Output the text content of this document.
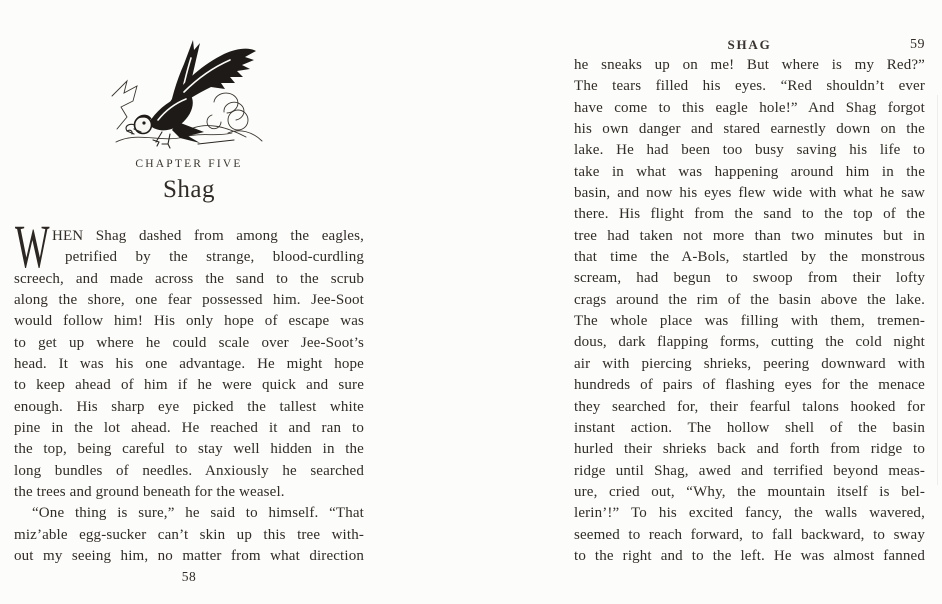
CHAPTER FIVE
Shag
W HEN Shag dashed from among the eagles,
petrified by the strange, blood-curdling
screech, and made across the sand to the scrub
along the shore, one fear possessed him. Jee-Soot
would follow him! His only hope of escape was
to get up where he could scale over Jee-Soot’s
head. It was his one advantage. He might hope
to keep ahead of him if he were quick and sure
enough. His sharp eye picked the tallest white
pine in the lot ahead. He reached it and ran to
the top, being careful to stay well hidden in the
long bundles of needles. Anxiously he searched
the trees and ground beneath for the weasel.
“One thing is sure,” he said to himself. “That
miz’able egg-sucker can’t skin up this tree with-
out my seeing him, no matter from what direction
58
SHAG	59
he sneaks up on me! But where is my Red?”
The tears filled his eyes. “Red shouldn’t ever
have come to this eagle hole!” And Shag forgot
his own danger and stared earnestly down on the
lake. He had been too busy saving his life to
take in what was happening around him in the
basin, and now his eyes flew wide with what he saw
there. His flight from the sand to the top of the
tree had taken not more than two minutes but in
that time the A-Bols, startled by the monstrous
scream, had begun to swoop from their lofty
crags around the rim of the basin above the lake.
The whole place was filling with them, tremen-
dous, dark flapping forms, cutting the cold night
air with piercing shrieks, peering downward with
hundreds of pairs of flashing eyes for the menace
they searched for, their fearful talons hooked for
instant action. The hollow shell of the basin
hurled their shrieks back and forth from ridge to
ridge until Shag, awed and terrified beyond meas-
ure, cried out, “Why, the mountain itself is bel-
lerin’!” To his excited fancy, the walls wavered,
seemed to reach forward, to fall backward, to sway
to the right and to the left. He was almost fanned
